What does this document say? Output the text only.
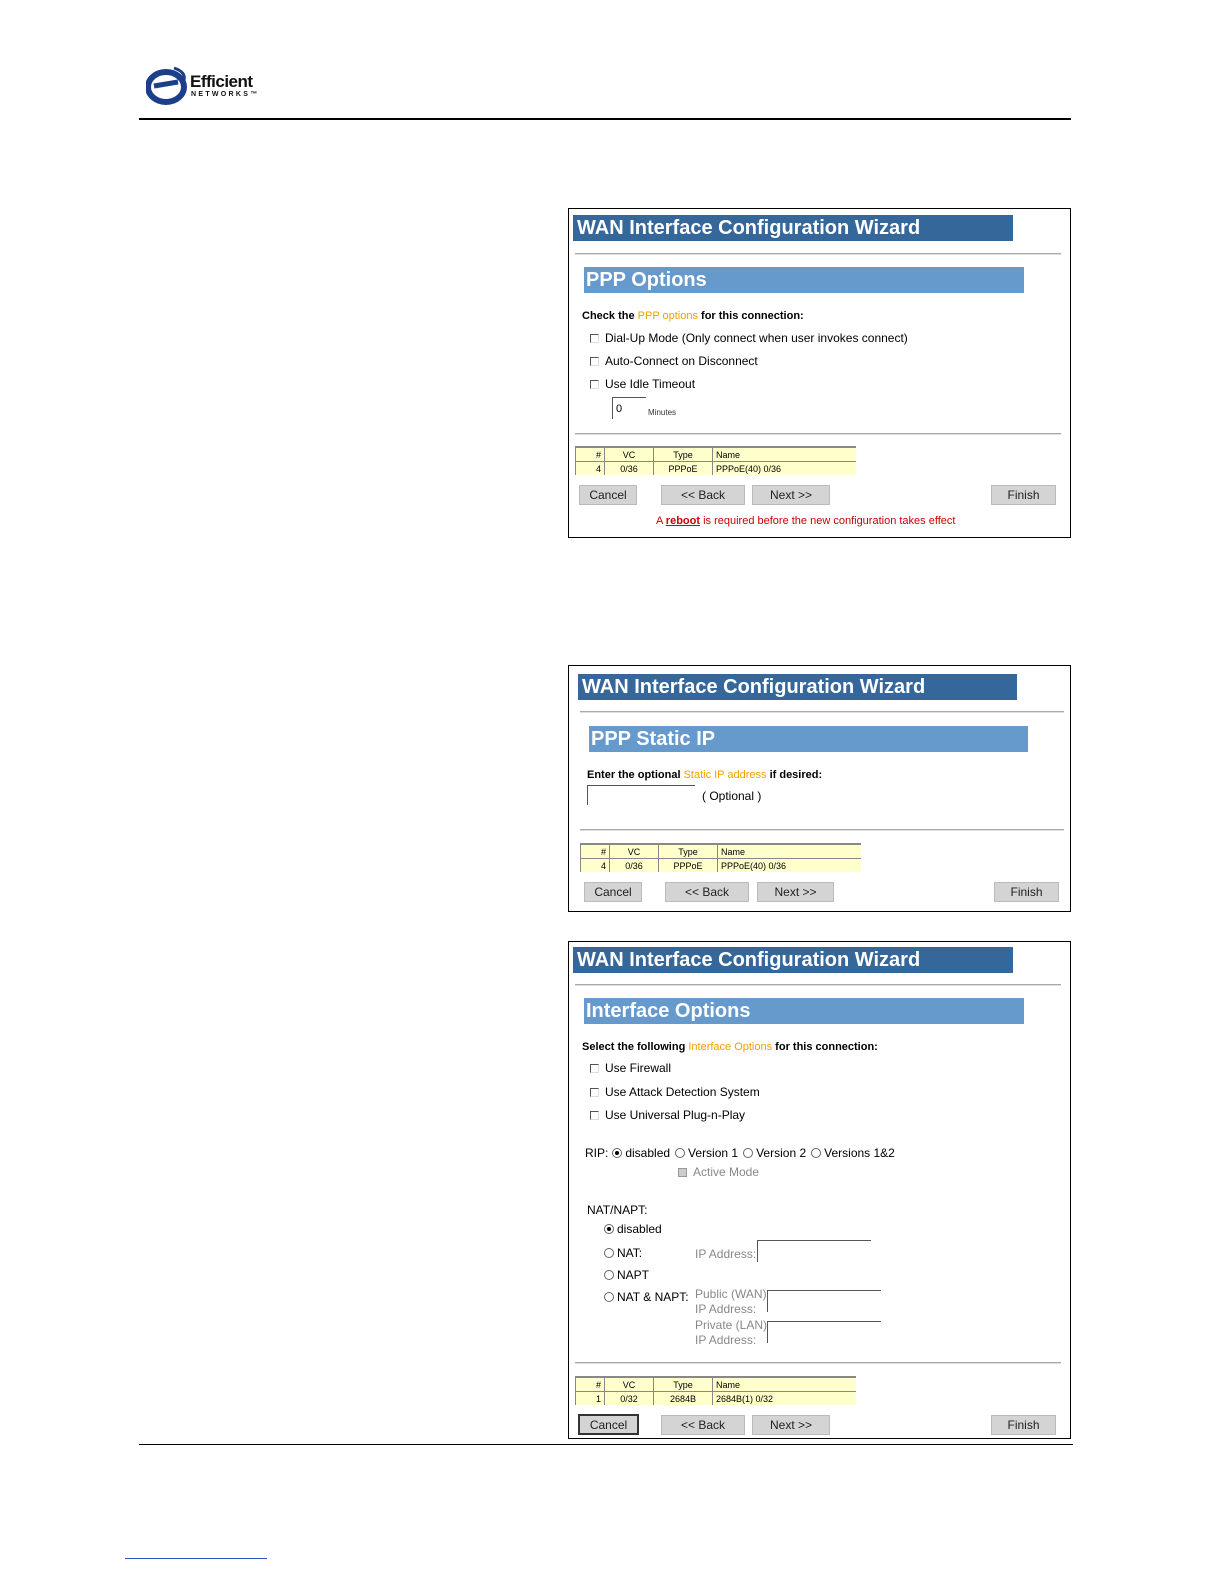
Efficient
NETWORKS™
WAN Interface Configuration Wizard
PPP Options
Check the PPP options for this connection:
Dial-Up Mode (Only connect when user invokes connect)
Auto-Connect on Disconnect
Use Idle Timeout
0
Minutes
#	VC	Type	Name
4	0/36	PPPoE	PPPoE(40) 0/36
Cancel	<< Back	Next >>	Finish
A reboot is required before the new configuration takes effect
WAN Interface Configuration Wizard
PPP Static IP
Enter the optional Static IP address if desired:
( Optional )
#	VC	Type	Name
4	0/36	PPPoE	PPPoE(40) 0/36
Cancel	<< Back	Next >>	Finish
WAN Interface Configuration Wizard
Interface Options
Select the following Interface Options for this connection:
Use Firewall
Use Attack Detection System
Use Universal Plug-n-Play
RIP: disabled Version 1 Version 2 Versions 1&2
Active Mode
NAT/NAPT:
disabled
NAT:	IP Address:
NAPT
NAT & NAPT: Public (WAN)
IP Address:
Private (LAN)
IP Address:
#	VC	Type	Name
1	0/32	2684B	2684B(1) 0/32
Cancel	<< Back	Next >>	Finish
